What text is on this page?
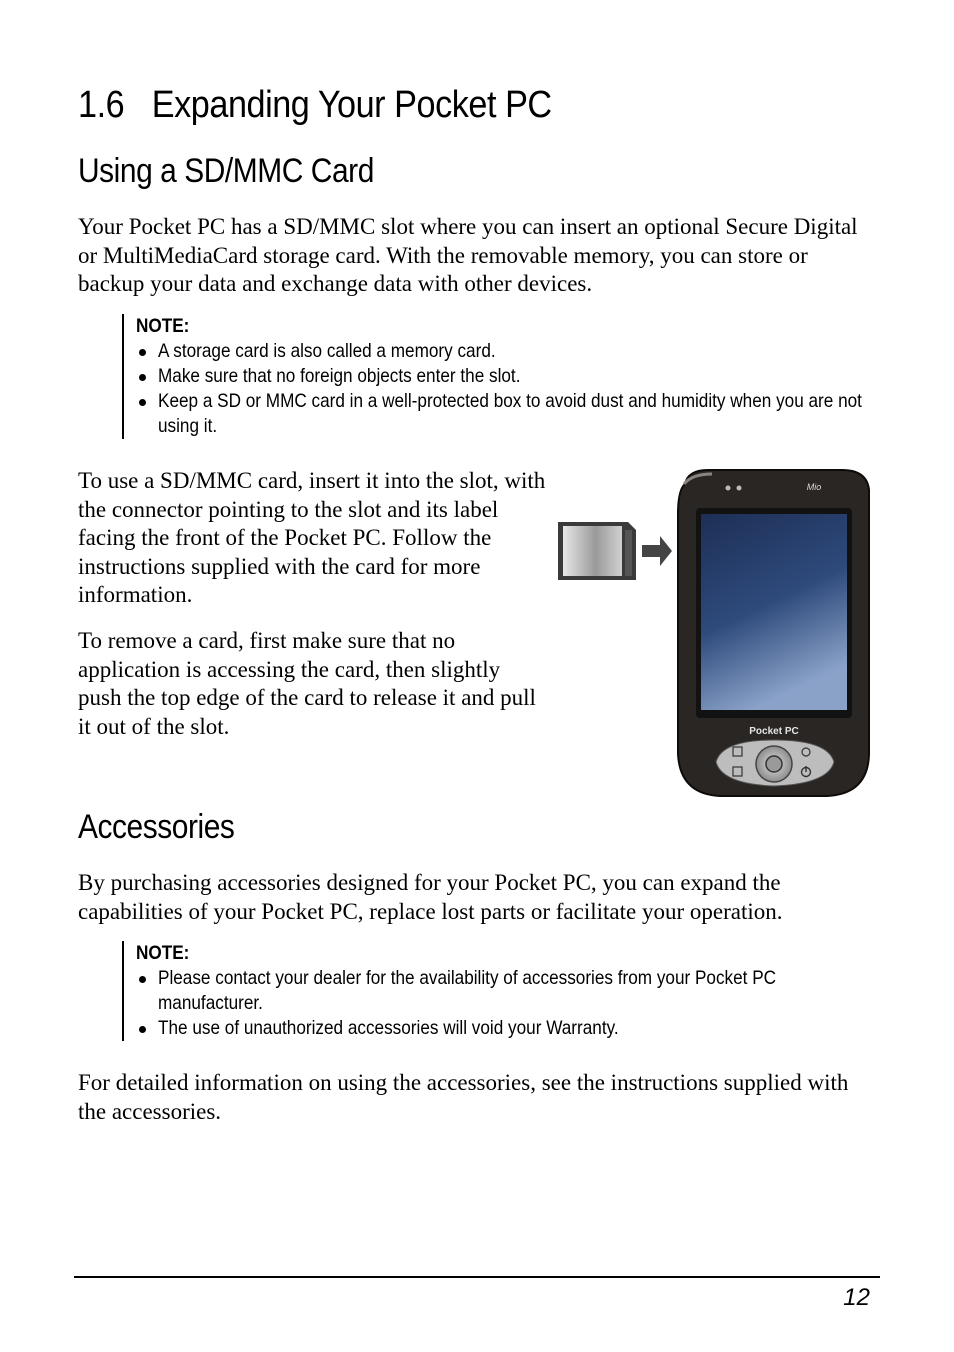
1.6 Expanding Your Pocket PC
Using a SD/MMC Card
Your Pocket PC has a SD/MMC slot where you can insert an optional Secure Digital or MultiMediaCard storage card. With the removable memory, you can store or backup your data and exchange data with other devices.
NOTE:
A storage card is also called a memory card.
Make sure that no foreign objects enter the slot.
Keep a SD or MMC card in a well-protected box to avoid dust and humidity when you are not using it.
To use a SD/MMC card, insert it into the slot, with the connector pointing to the slot and its label facing the front of the Pocket PC. Follow the instructions supplied with the card for more information.
To remove a card, first make sure that no application is accessing the card, then slightly push the top edge of the card to release it and pull it out of the slot.	Pocket PC
Mio
Accessories
By purchasing accessories designed for your Pocket PC, you can expand the capabilities of your Pocket PC, replace lost parts or facilitate your operation.
NOTE:
Please contact your dealer for the availability of accessories from your Pocket PC manufacturer.
The use of unauthorized accessories will void your Warranty.
For detailed information on using the accessories, see the instructions supplied with the accessories.
12
